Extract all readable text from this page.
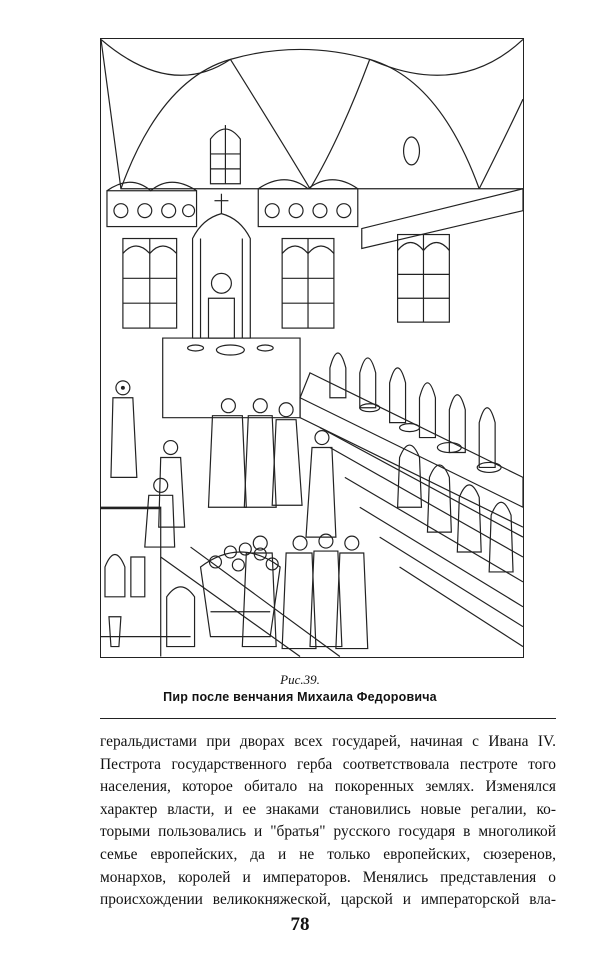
Рис.39.
Пир после венчания Михаила Федоровича
геральдистами при дворах всех государей, начиная с Ивана IV.
Пестрота государственного герба соответствовала пестроте того
населения, которое обитало на покоренных землях. Изменялся
характер власти, и ее знаками становились новые регалии, ко-
торыми пользовались и "братья" русского государя в многоликой
семье европейских, да и не только европейских, сюзеренов,
монархов, королей и императоров. Менялись представления о
происхождении великокняжеской, царской и императорской вла-
78
